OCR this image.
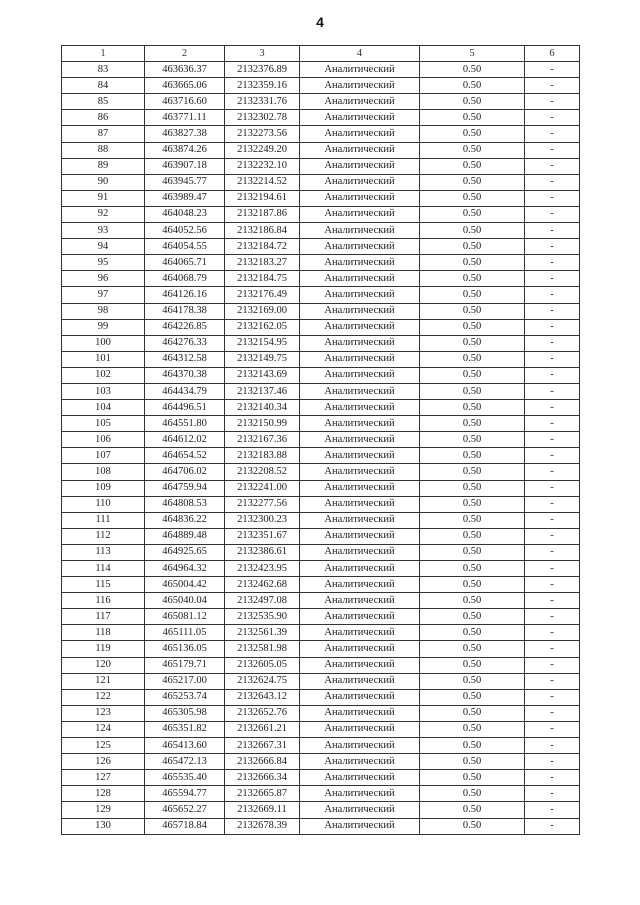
4
1	2	3	4	5	6
83	463636.37	2132376.89	Аналитический	0.50	-
84	463665.06	2132359.16	Аналитический	0.50	-
85	463716.60	2132331.76	Аналитический	0.50	-
86	463771.11	2132302.78	Аналитический	0.50	-
87	463827.38	2132273.56	Аналитический	0.50	-
88	463874.26	2132249.20	Аналитический	0.50	-
89	463907.18	2132232.10	Аналитический	0.50	-
90	463945.77	2132214.52	Аналитический	0.50	-
91	463989.47	2132194.61	Аналитический	0.50	-
92	464048.23	2132187.86	Аналитический	0.50	-
93	464052.56	2132186.84	Аналитический	0.50	-
94	464054.55	2132184.72	Аналитический	0.50	-
95	464065.71	2132183.27	Аналитический	0.50	-
96	464068.79	2132184.75	Аналитический	0.50	-
97	464126.16	2132176.49	Аналитический	0.50	-
98	464178.38	2132169.00	Аналитический	0.50	-
99	464226.85	2132162.05	Аналитический	0.50	-
100	464276.33	2132154.95	Аналитический	0.50	-
101	464312.58	2132149.75	Аналитический	0.50	-
102	464370.38	2132143.69	Аналитический	0.50	-
103	464434.79	2132137.46	Аналитический	0.50	-
104	464496.51	2132140.34	Аналитический	0.50	-
105	464551.80	2132150.99	Аналитический	0.50	-
106	464612.02	2132167.36	Аналитический	0.50	-
107	464654.52	2132183.88	Аналитический	0.50	-
108	464706.02	2132208.52	Аналитический	0.50	-
109	464759.94	2132241.00	Аналитический	0.50	-
110	464808.53	2132277.56	Аналитический	0.50	-
111	464836.22	2132300.23	Аналитический	0.50	-
112	464889.48	2132351.67	Аналитический	0.50	-
113	464925.65	2132386.61	Аналитический	0.50	-
114	464964.32	2132423.95	Аналитический	0.50	-
115	465004.42	2132462.68	Аналитический	0.50	-
116	465040.04	2132497.08	Аналитический	0.50	-
117	465081.12	2132535.90	Аналитический	0.50	-
118	465111.05	2132561.39	Аналитический	0.50	-
119	465136.05	2132581.98	Аналитический	0.50	-
120	465179.71	2132605.05	Аналитический	0.50	-
121	465217.00	2132624.75	Аналитический	0.50	-
122	465253.74	2132643.12	Аналитический	0.50	-
123	465305.98	2132652.76	Аналитический	0.50	-
124	465351.82	2132661.21	Аналитический	0.50	-
125	465413.60	2132667.31	Аналитический	0.50	-
126	465472.13	2132666.84	Аналитический	0.50	-
127	465535.40	2132666.34	Аналитический	0.50	-
128	465594.77	2132665.87	Аналитический	0.50	-
129	465652.27	2132669.11	Аналитический	0.50	-
130	465718.84	2132678.39	Аналитический	0.50	-
